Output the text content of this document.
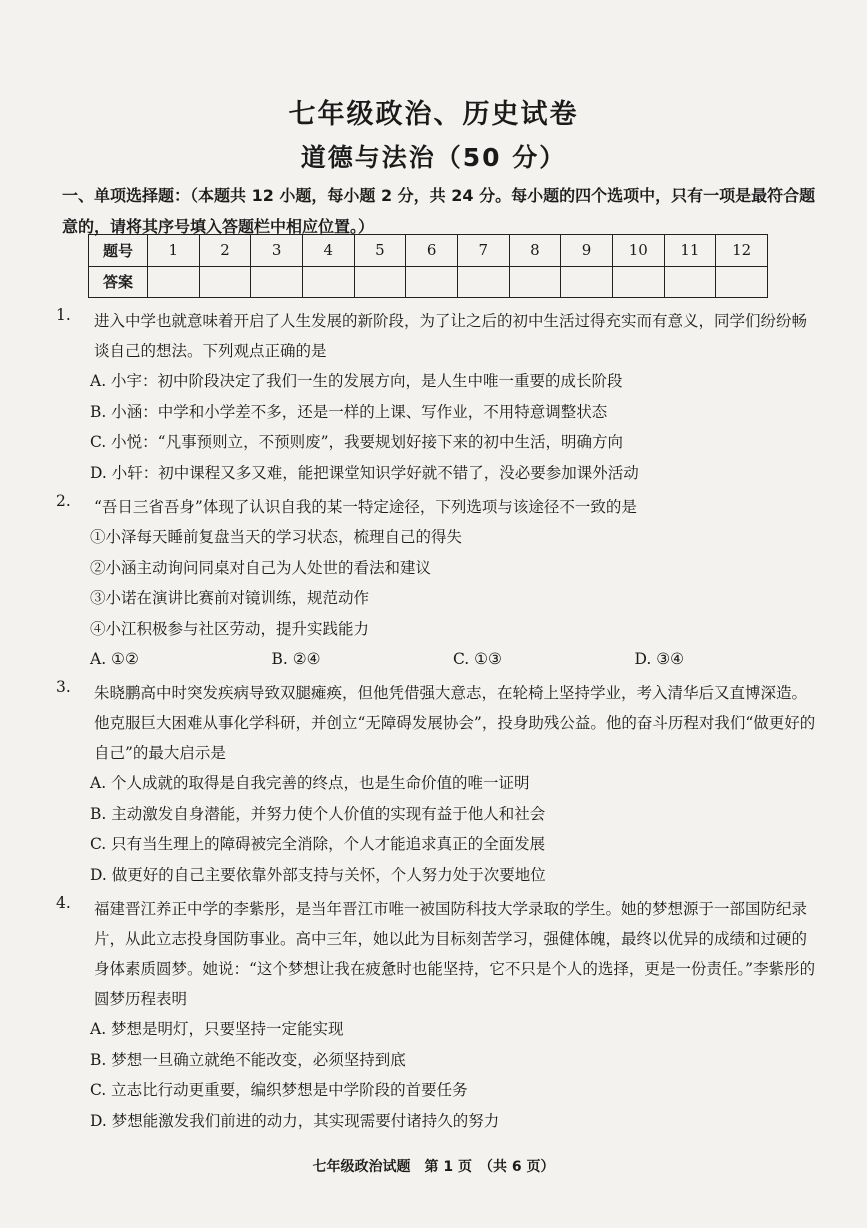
七年级政治、历史试卷
道德与法治（50 分）
一、单项选择题：（本题共 12 小题，每小题 2 分，共 24 分。每小题的四个选项中，只有一项是最符合题意的，请将其序号填入答题栏中相应位置。）
题号	1	2	3	4	5	6	7	8	9	10	11	12
答案												
1.	进入中学也就意味着开启了人生发展的新阶段，为了让之后的初中生活过得充实而有意义，同学们纷纷畅谈自己的想法。下列观点正确的是
A. 小宇：初中阶段决定了我们一生的发展方向，是人生中唯一重要的成长阶段
B. 小涵：中学和小学差不多，还是一样的上课、写作业，不用特意调整状态
C. 小悦：“凡事预则立，不预则废”，我要规划好接下来的初中生活，明确方向
D. 小轩：初中课程又多又难，能把课堂知识学好就不错了，没必要参加课外活动
2.	“吾日三省吾身”体现了认识自我的某一特定途径，下列选项与该途径不一致的是
①小泽每天睡前复盘当天的学习状态，梳理自己的得失
②小涵主动询问同桌对自己为人处世的看法和建议
③小诺在演讲比赛前对镜训练，规范动作
④小江积极参与社区劳动，提升实践能力
A. ①②	B. ②④	C. ①③	D. ③④
3.	朱晓鹏高中时突发疾病导致双腿瘫痪，但他凭借强大意志，在轮椅上坚持学业，考入清华后又直博深造。他克服巨大困难从事化学科研，并创立“无障碍发展协会”，投身助残公益。他的奋斗历程对我们“做更好的自己”的最大启示是
A. 个人成就的取得是自我完善的终点，也是生命价值的唯一证明
B. 主动激发自身潜能，并努力使个人价值的实现有益于他人和社会
C. 只有当生理上的障碍被完全消除，个人才能追求真正的全面发展
D. 做更好的自己主要依靠外部支持与关怀，个人努力处于次要地位
4.	福建晋江养正中学的李紫彤，是当年晋江市唯一被国防科技大学录取的学生。她的梦想源于一部国防纪录片，从此立志投身国防事业。高中三年，她以此为目标刻苦学习，强健体魄，最终以优异的成绩和过硬的身体素质圆梦。她说：“这个梦想让我在疲惫时也能坚持，它不只是个人的选择，更是一份责任。”李紫彤的圆梦历程表明
A. 梦想是明灯，只要坚持一定能实现
B. 梦想一旦确立就绝不能改变，必须坚持到底
C. 立志比行动更重要，编织梦想是中学阶段的首要任务
D. 梦想能激发我们前进的动力，其实现需要付诸持久的努力
七年级政治试题　第 1 页　（共 6 页）
